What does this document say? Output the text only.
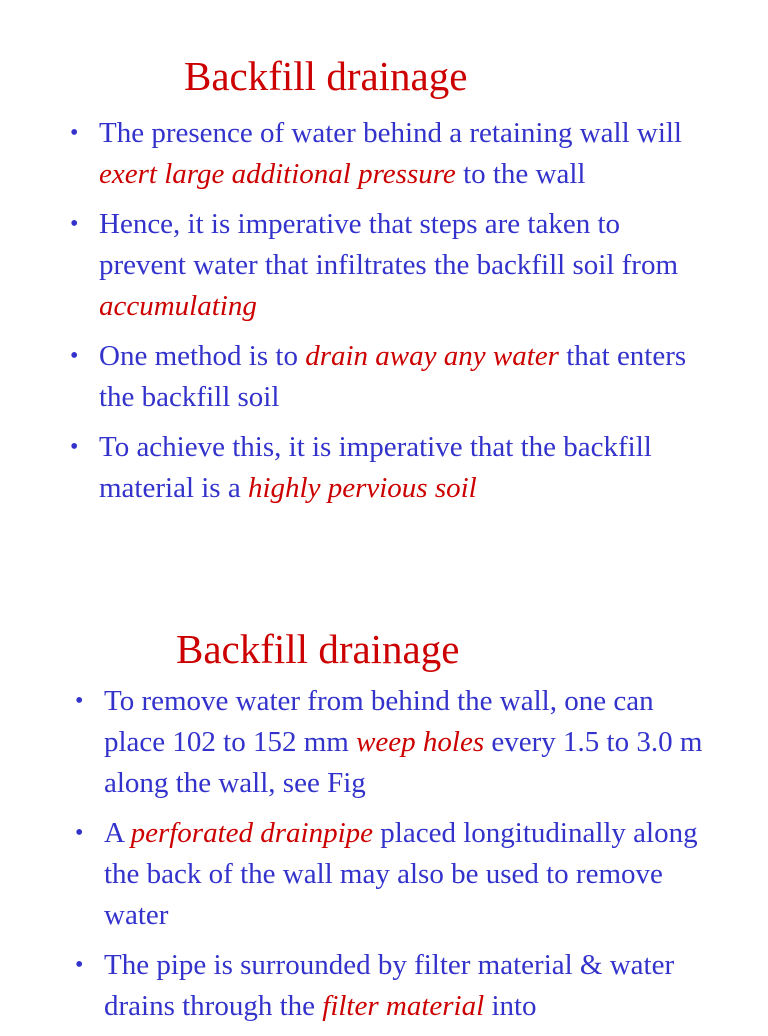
Backfill drainage
• The presence of water behind a retaining wall will exert large additional pressure to the wall
• Hence, it is imperative that steps are taken to prevent water that infiltrates the backfill soil from accumulating
• One method is to drain away any water that enters the backfill soil
• To achieve this, it is imperative that the backfill material is a highly pervious soil
Backfill drainage
• To remove water from behind the wall, one can place 102 to 152 mm weep holes every 1.5 to 3.0 m along the wall, see Fig
• A perforated drainpipe placed longitudinally along the back of the wall may also be used to remove water
• The pipe is surrounded by filter material & water drains through the filter material into
